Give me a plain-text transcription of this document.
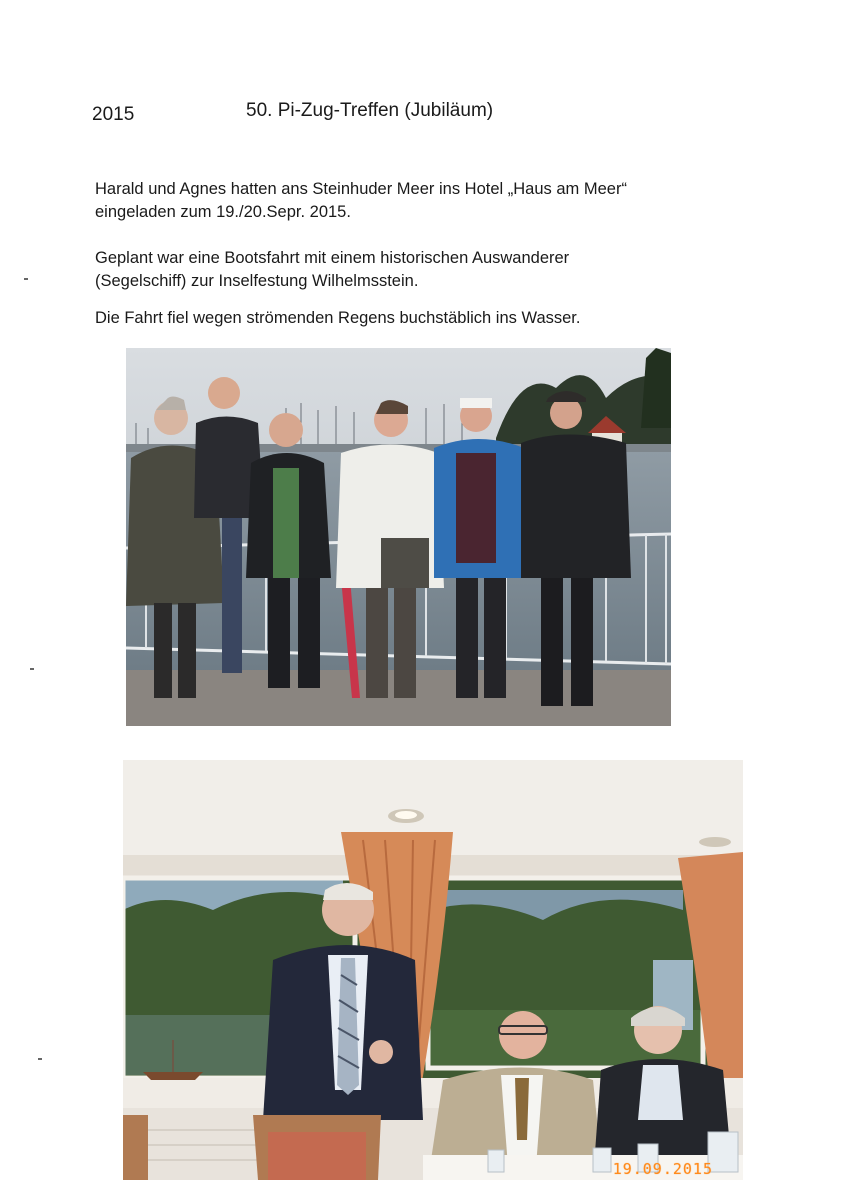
2015	50. Pi-Zug-Treffen (Jubiläum)
Harald und Agnes hatten ans Steinhuder Meer ins Hotel „Haus am Meer“
eingeladen zum 19./20.Sepr. 2015.
Geplant war eine Bootsfahrt mit einem historischen Auswanderer
(Segelschiff) zur Inselfestung Wilhelmsstein.
Die Fahrt fiel wegen strömenden Regens buchstäblich ins Wasser.
19.09.2015
